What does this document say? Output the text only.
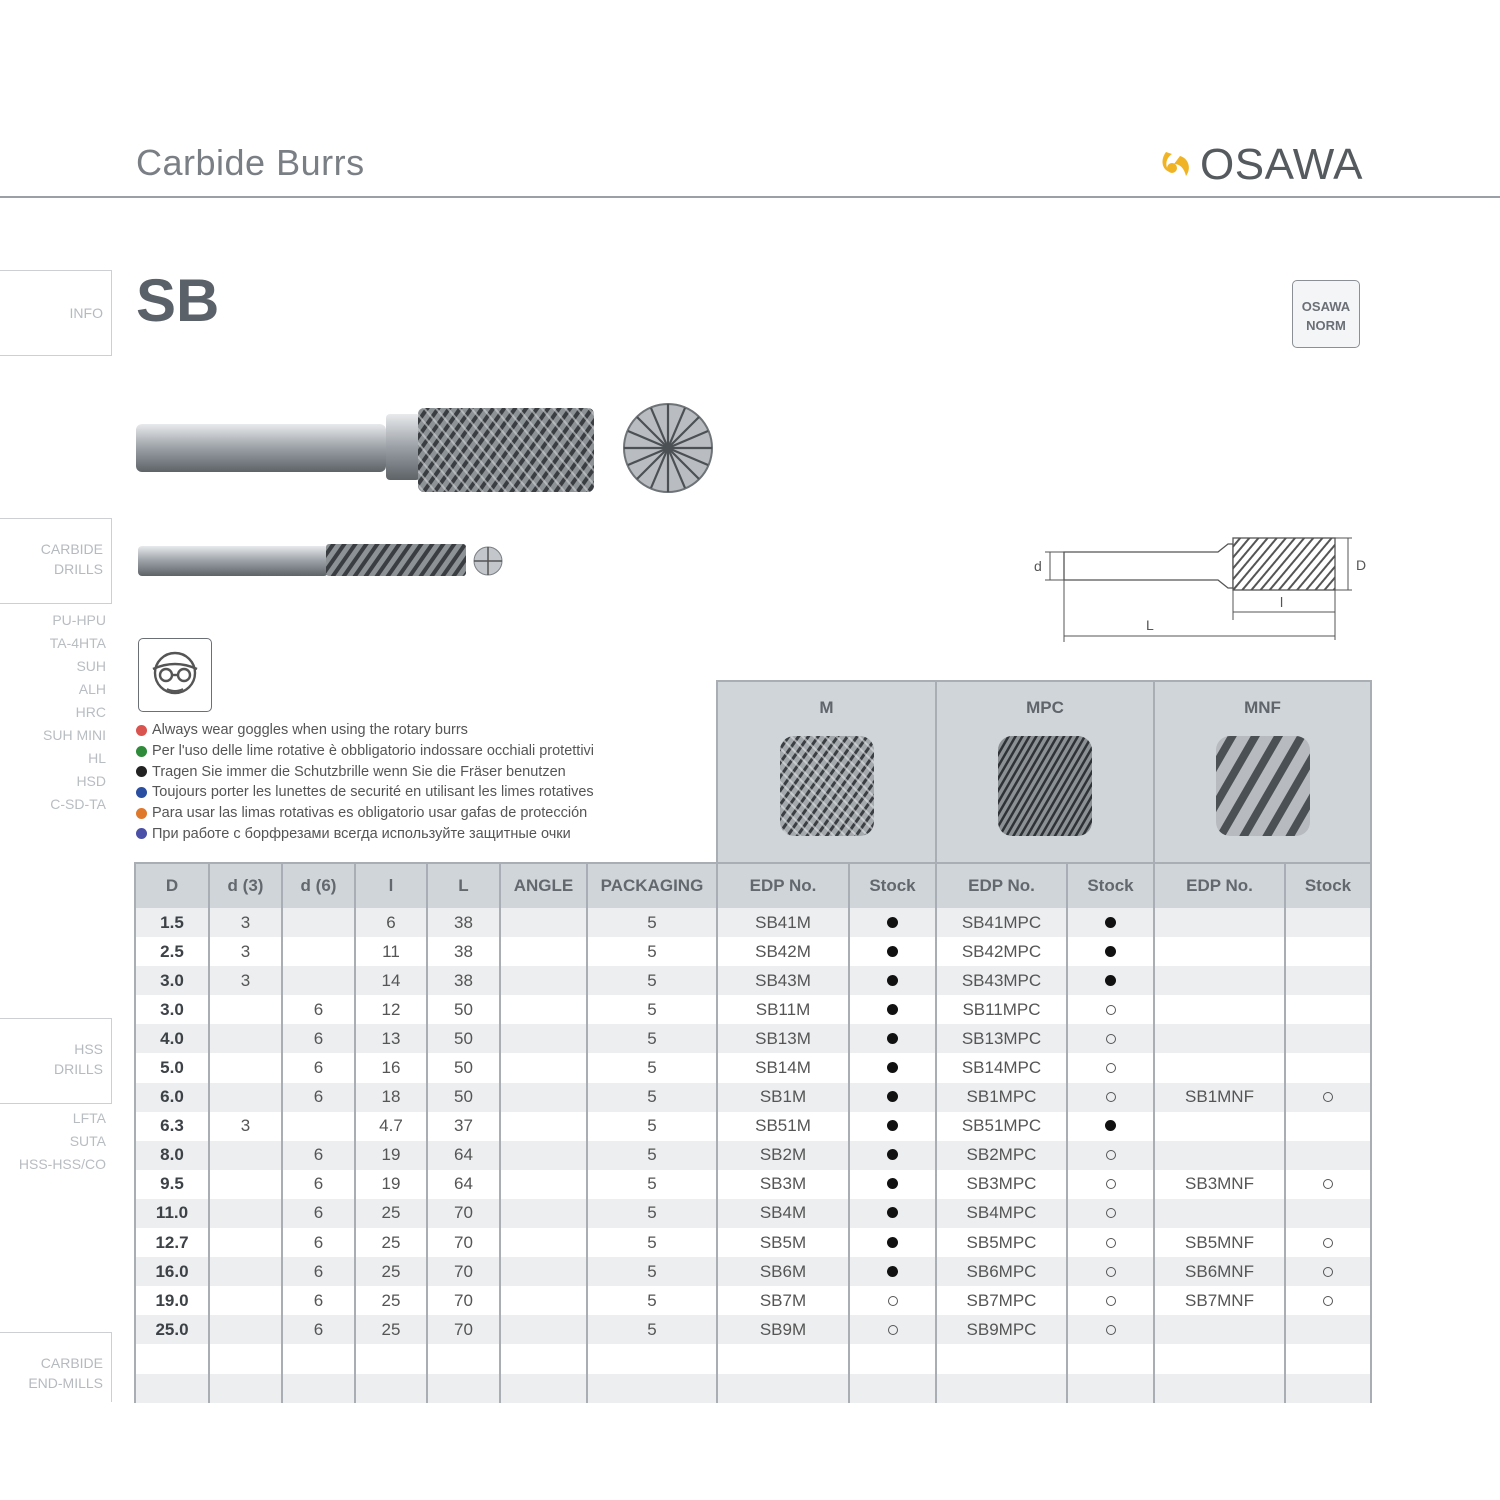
Carbide Burrs	OSAWA
INFO
CARBIDE
DRILLS
PU-HPU
TA-4HTA
SUH
ALH
HRC
SUH MINI
HL
HSD
C-SD-TA
HSS
DRILLS
LFTA
SUTA
HSS-HSS/CO
CARBIDE
END-MILLS
SB	OSAWA
NORM
d	D
l
L
Always wear goggles when using the rotary burrs
Per l'uso delle lime rotative è obbligatorio indossare occhiali protettivi
Tragen Sie immer die Schutzbrille wenn Sie die Fräser benutzen
Toujours porter les lunettes de securité en utilisant les limes rotatives
Para usar las limas rotativas es obligatorio usar gafas de protección
При работе с борфрезами всегда используйте защитные очки

							M		MPC		MNF	

D	d (3)	d (6)	l	L	ANGLE	PACKAGING	EDP No.	Stock	EDP No.	Stock	EDP No.	Stock
1.5	3		6	38		5	SB41M		SB41MPC			
2.5	3		11	38		5	SB42M		SB42MPC			
3.0	3		14	38		5	SB43M		SB43MPC			
3.0		6	12	50		5	SB11M		SB11MPC			
4.0		6	13	50		5	SB13M		SB13MPC			
5.0		6	16	50		5	SB14M		SB14MPC			
6.0		6	18	50		5	SB1M		SB1MPC		SB1MNF	
6.3	3		4.7	37		5	SB51M		SB51MPC			
8.0		6	19	64		5	SB2M		SB2MPC			
9.5		6	19	64		5	SB3M		SB3MPC		SB3MNF	
11.0		6	25	70		5	SB4M		SB4MPC			
12.7		6	25	70		5	SB5M		SB5MPC		SB5MNF	
16.0		6	25	70		5	SB6M		SB6MPC		SB6MNF	
19.0		6	25	70		5	SB7M		SB7MPC		SB7MNF	
25.0		6	25	70		5	SB9M		SB9MPC			
